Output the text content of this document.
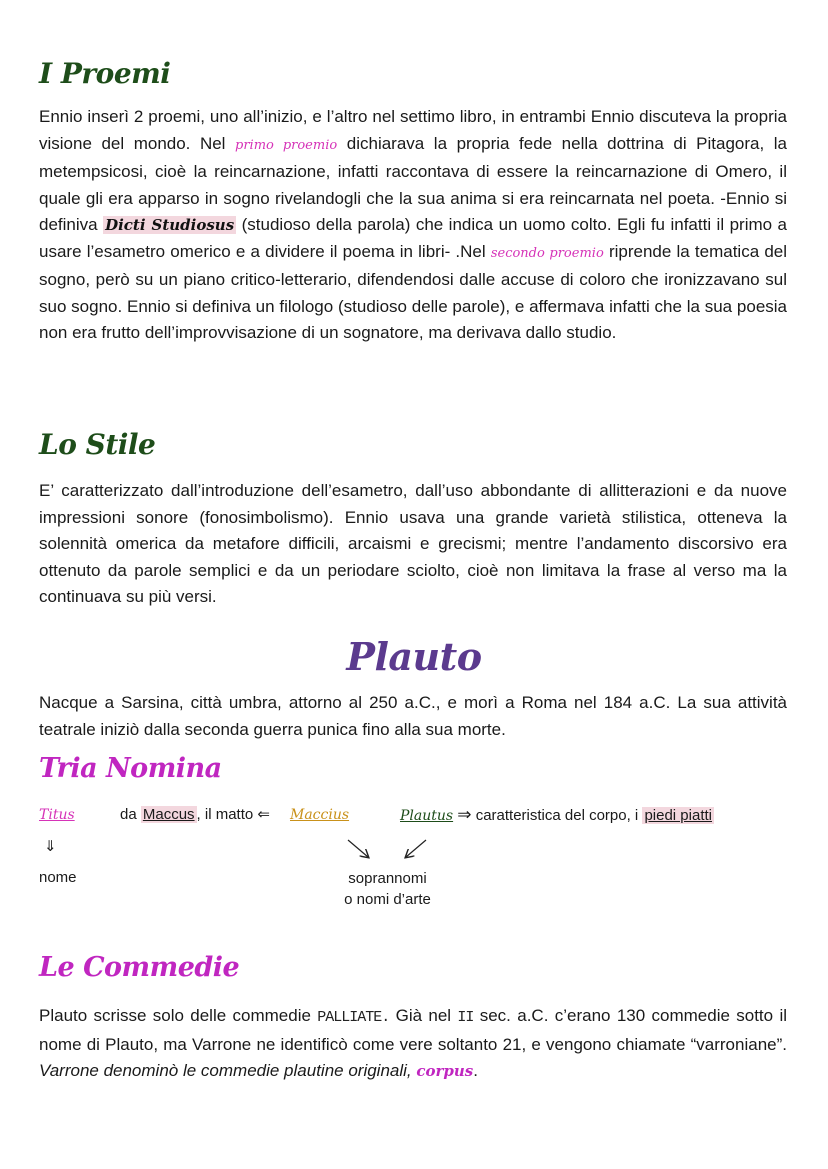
I Proemi

Ennio inserì 2 proemi, uno all’inizio, e l’altro nel settimo libro, in entrambi Ennio discuteva la propria visione del mondo. Nel primo proemio dichiarava la propria fede nella dottrina di Pitagora, la metempsicosi, cioè la reincarnazione, infatti raccontava di essere la reincarnazione di Omero, il quale gli era apparso in sogno rivelandogli che la sua anima si era reincarnata nel poeta. -Ennio si definiva Dicti Studiosus (studioso della parola) che indica un uomo colto. Egli fu infatti il primo a usare l’esametro omerico e a dividere il poema in libri- .Nel secondo proemio riprende la tematica del sogno, però su un piano critico-letterario, difendendosi dalle accuse di coloro che ironizzavano sul suo sogno. Ennio si definiva un filologo (studioso delle parole), e affermava infatti che la sua poesia non era frutto dell’improvvisazione di un sognatore, ma derivava dallo studio.

Lo Stile

E’ caratterizzato dall’introduzione dell’esametro, dall’uso abbondante di allitterazioni e da nuove impressioni sonore (fonosimbolismo). Ennio usava una grande varietà stilistica, otteneva la solennità omerica da metafore difficili, arcaismi e grecismi; mentre l’andamento discorsivo era ottenuto da parole semplici e da un periodare sciolto, cioè non limitava la frase al verso ma la continuava su più versi.

Plauto

Nacque a Sarsina, città umbra, attorno al 250 a.C., e morì a Roma nel 184 a.C. La sua attività teatrale iniziò dalla seconda guerra punica fino alla sua morte.

Tria Nomina
Titus	da Maccus , il matto ⇐ Maccius	Plautus ⇒ caratteristica del corpo, i piedi piatti
⇓
nome	soprannomi
o nomi d’arte
Le Commedie

Plauto scrisse solo delle commedie PALLIATE. Già nel II sec. a.C. c’erano 130 commedie sotto il nome di Plauto, ma Varrone ne identificò come vere soltanto 21, e vengono chiamate “varroniane”. Varrone denominò le commedie plautine originali, corpus.
